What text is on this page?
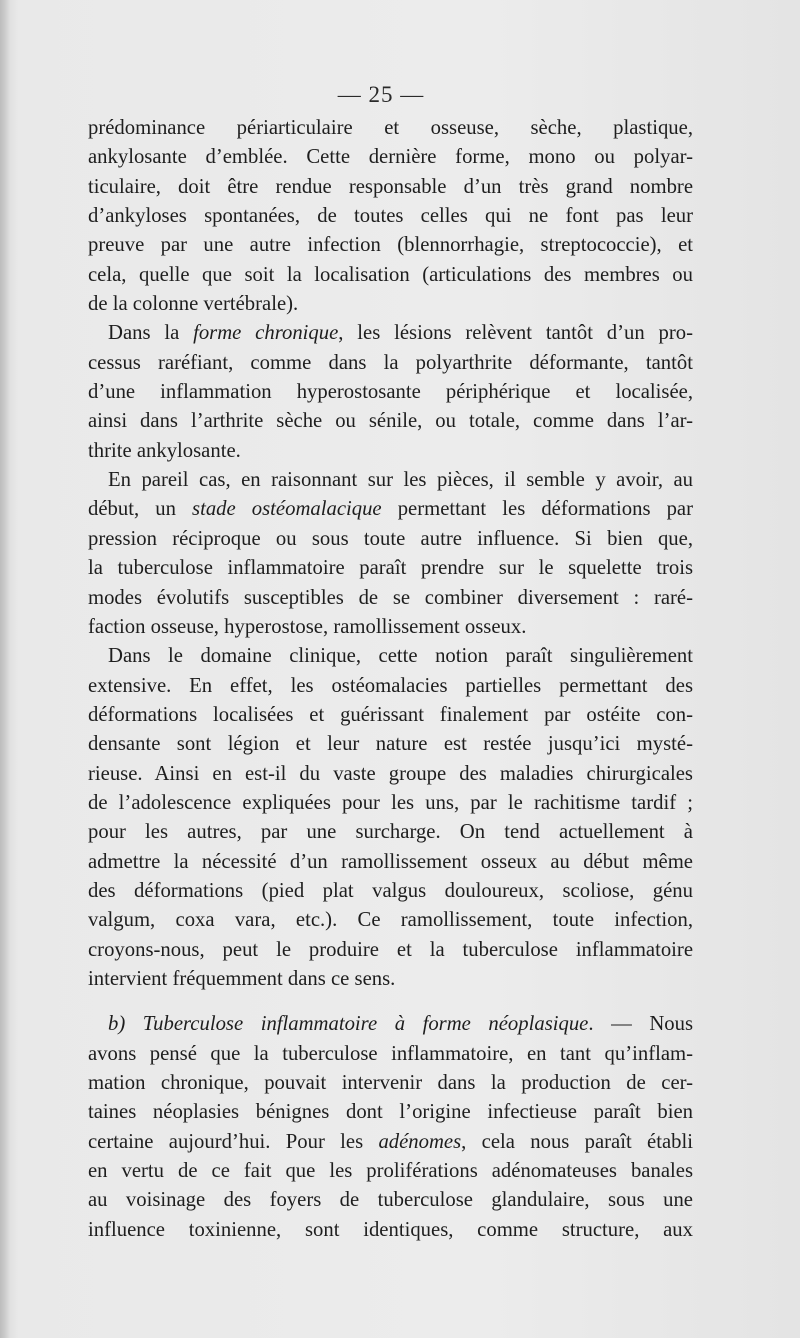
— 25 —
prédominance périarticulaire et osseuse, sèche, plastique,
ankylosante d’emblée. Cette dernière forme, mono ou polyar-
ticulaire, doit être rendue responsable d’un très grand nombre
d’ankyloses spontanées, de toutes celles qui ne font pas leur
preuve par une autre infection (blennorrhagie, streptococcie), et
cela, quelle que soit la localisation (articulations des membres ou
de la colonne vertébrale).
Dans la forme chronique, les lésions relèvent tantôt d’un pro-
cessus raréfiant, comme dans la polyarthrite déformante, tantôt
d’une inflammation hyperostosante périphérique et localisée,
ainsi dans l’arthrite sèche ou sénile, ou totale, comme dans l’ar-
thrite ankylosante.
En pareil cas, en raisonnant sur les pièces, il semble y avoir, au
début, un stade ostéomalacique permettant les déformations par
pression réciproque ou sous toute autre influence. Si bien que,
la tuberculose inflammatoire paraît prendre sur le squelette trois
modes évolutifs susceptibles de se combiner diversement : raré-
faction osseuse, hyperostose, ramollissement osseux.
Dans le domaine clinique, cette notion paraît singulièrement
extensive. En effet, les ostéomalacies partielles permettant des
déformations localisées et guérissant finalement par ostéite con-
densante sont légion et leur nature est restée jusqu’ici mysté-
rieuse. Ainsi en est-il du vaste groupe des maladies chirurgicales
de l’adolescence expliquées pour les uns, par le rachitisme tardif ;
pour les autres, par une surcharge. On tend actuellement à
admettre la nécessité d’un ramollissement osseux au début même
des déformations (pied plat valgus douloureux, scoliose, génu
valgum, coxa vara, etc.). Ce ramollissement, toute infection,
croyons-nous, peut le produire et la tuberculose inflammatoire
intervient fréquemment dans ce sens.
b) Tuberculose inflammatoire à forme néoplasique. — Nous
avons pensé que la tuberculose inflammatoire, en tant qu’inflam-
mation chronique, pouvait intervenir dans la production de cer-
taines néoplasies bénignes dont l’origine infectieuse paraît bien
certaine aujourd’hui. Pour les adénomes, cela nous paraît établi
en vertu de ce fait que les proliférations adénomateuses banales
au voisinage des foyers de tuberculose glandulaire, sous une
influence toxinienne, sont identiques, comme structure, aux
